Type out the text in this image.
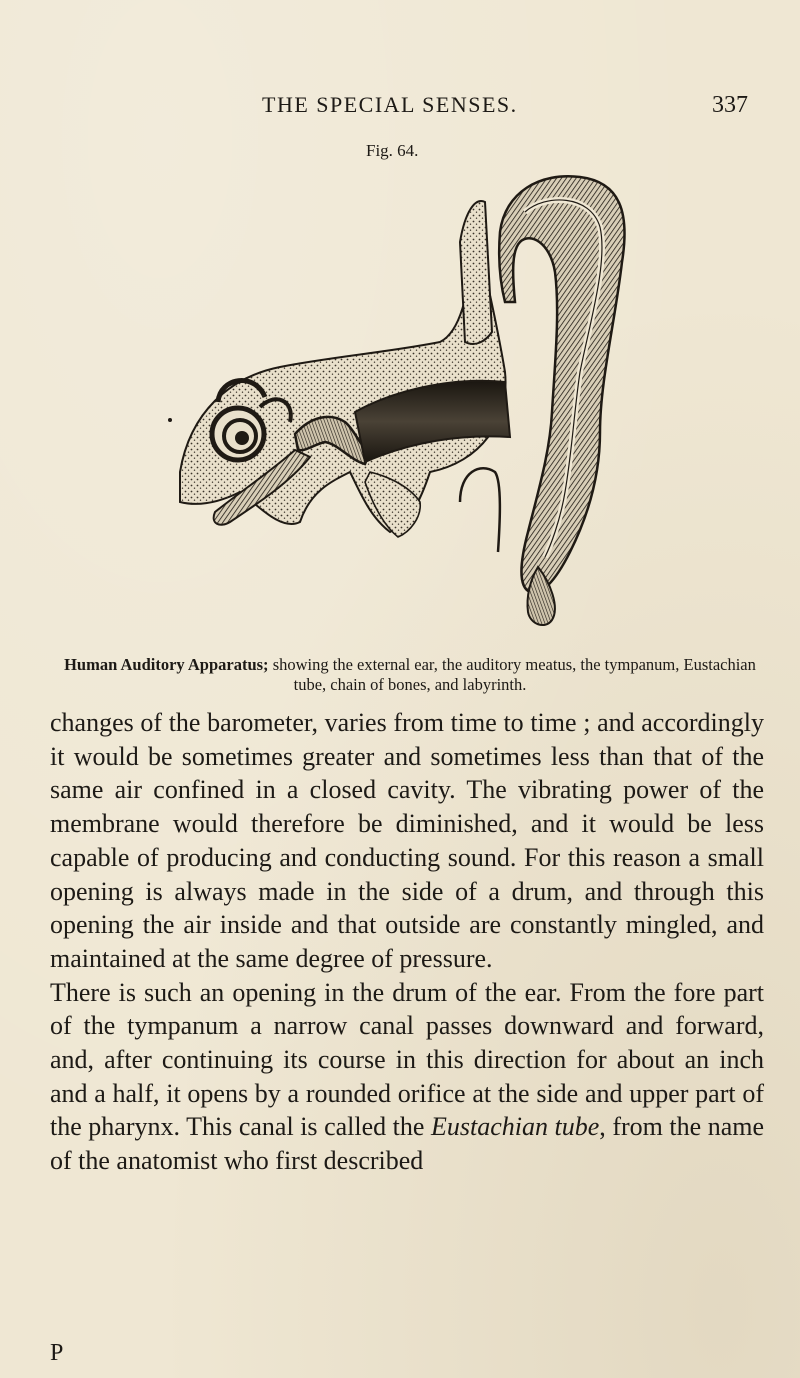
THE SPECIAL SENSES.	337
Fig. 64.
Human Auditory Apparatus; showing the external ear, the auditory meatus, the tympanum, Eustachian tube, chain of bones, and labyrinth.

changes of the barometer, varies from time to time ; and accordingly it would be sometimes greater and sometimes less than that of the same air confined in a closed cavity. The vibrating power of the membrane would therefore be diminished, and it would be less capable of producing and conducting sound. For this reason a small opening is always made in the side of a drum, and through this opening the air inside and that outside are constantly mingled, and maintained at the same degree of pressure.

There is such an opening in the drum of the ear. From the fore part of the tympanum a narrow canal passes downward and forward, and, after continuing its course in this direction for about an inch and a half, it opens by a rounded orifice at the side and upper part of the pharynx. This canal is called the Eustachian tube, from the name of the anatomist who first described

P
